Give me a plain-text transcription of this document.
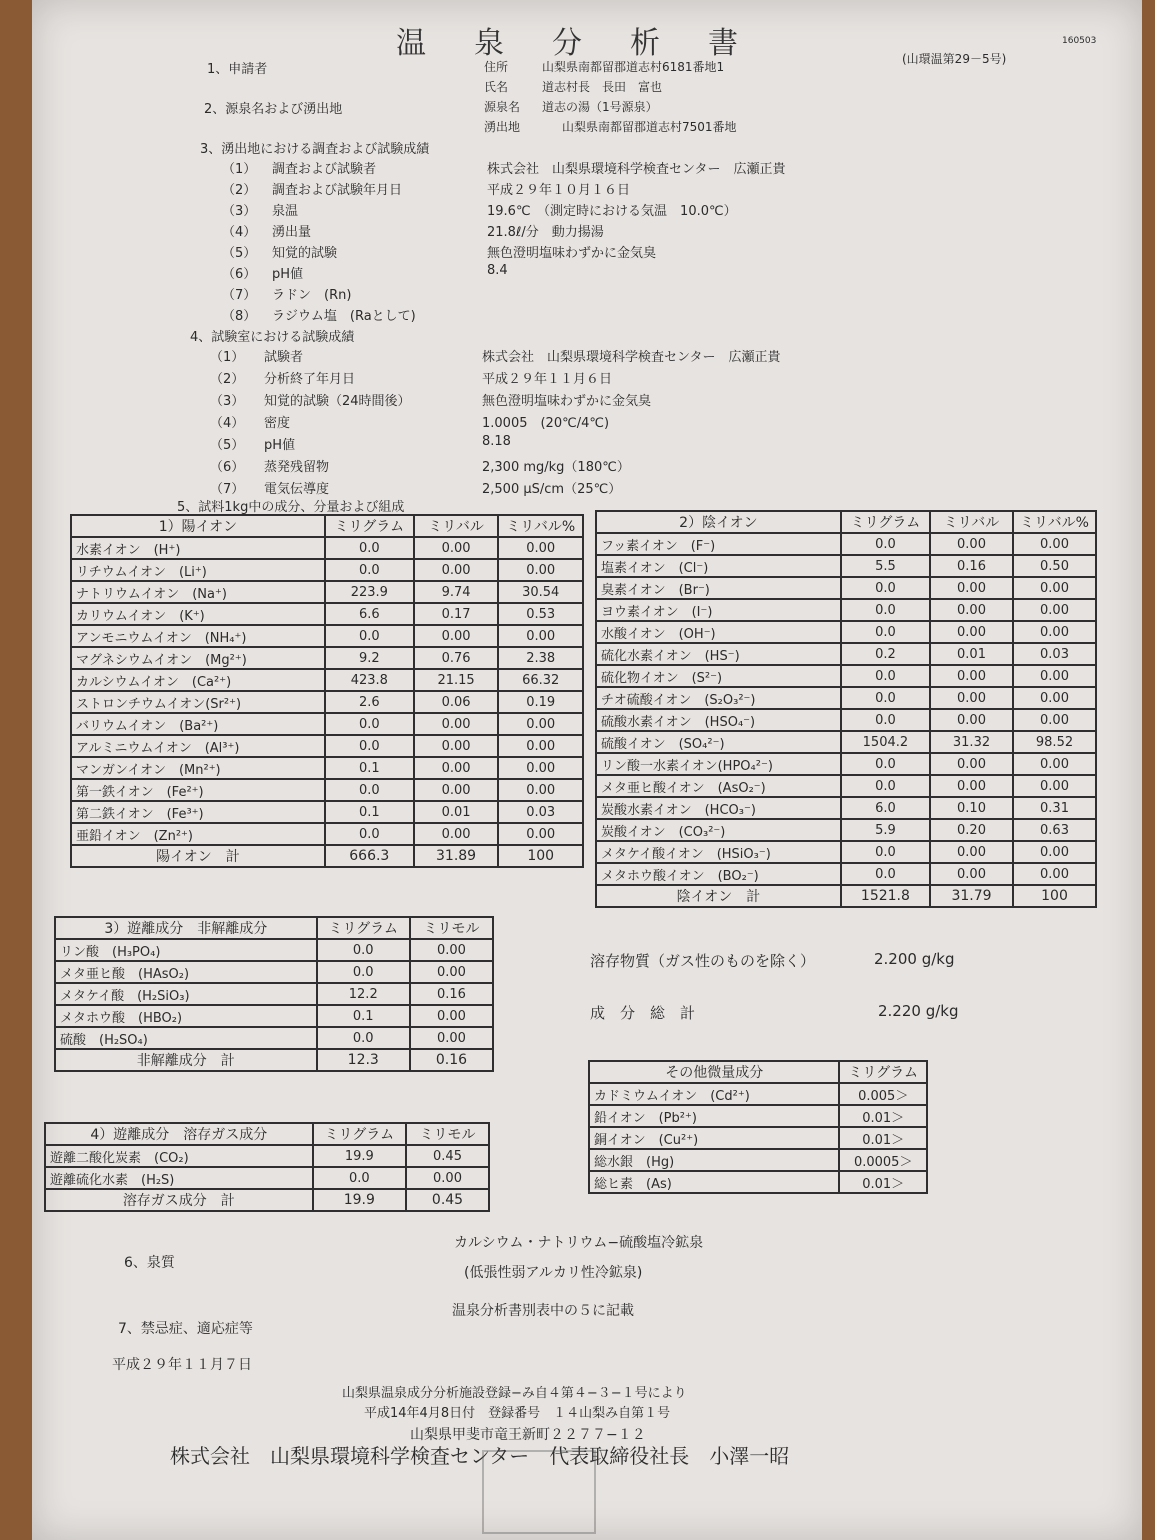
温泉分析書	(山環温第29－5号)
160503
1、申請者	住所	山梨県南都留郡道志村6181番地1
氏名	道志村長　長田　富也
2、源泉名および湧出地	源泉名 道志の湯（1号源泉）
湧出地	山梨県南都留郡道志村7501番地
3、湧出地における調査および試験成績
（1） 調査および試験者	株式会社　山梨県環境科学検査センター　広瀬正貴
（2） 調査および試験年月日	平成２９年１０月１６日
（3） 泉温	19.6℃　（測定時における気温　10.0℃）
（4） 湧出量	21.8ℓ/分　動力揚湯
（5） 知覚的試験	無色澄明塩味わずかに金気臭
（6） pH値	8.4
（7） ラドン　(Rn)
（8） ラジウム塩　(Raとして)
4、試験室における試験成績
（1） 試験者	株式会社　山梨県環境科学検査センター　広瀬正貴
（2） 分析終了年月日	平成２９年１１月６日
（3） 知覚的試験（24時間後）	無色澄明塩味わずかに金気臭
（4） 密度	1.0005　(20℃/4℃)
（5） pH値	8.18
（6） 蒸発残留物	2,300 mg/kg（180℃）
（7） 電気伝導度	2,500 μS/cm（25℃）
5、試料1kg中の成分、分量および組成
1）陽イオン	ミリグラム	ミリバル	ミリバル%
水素イオン　(H⁺)	0.0	0.00	0.00
リチウムイオン　(Li⁺)	0.0	0.00	0.00
ナトリウムイオン　(Na⁺)	223.9	9.74	30.54
カリウムイオン　(K⁺)	6.6	0.17	0.53
アンモニウムイオン　(NH₄⁺)	0.0	0.00	0.00
マグネシウムイオン　(Mg²⁺)	9.2	0.76	2.38
カルシウムイオン　(Ca²⁺)	423.8	21.15	66.32
ストロンチウムイオン(Sr²⁺)	2.6	0.06	0.19
バリウムイオン　(Ba²⁺)	0.0	0.00	0.00
アルミニウムイオン　(Al³⁺)	0.0	0.00	0.00
マンガンイオン　(Mn²⁺)	0.1	0.00	0.00
第一鉄イオン　(Fe²⁺)	0.0	0.00	0.00
第二鉄イオン　(Fe³⁺)	0.1	0.01	0.03
亜鉛イオン　(Zn²⁺)	0.0	0.00	0.00
陽イオン　計	666.3	31.89	100
2）陰イオン	ミリグラム	ミリバル	ミリバル%
フッ素イオン　(F⁻)	0.0	0.00	0.00
塩素イオン　(Cl⁻)	5.5	0.16	0.50
臭素イオン　(Br⁻)	0.0	0.00	0.00
ヨウ素イオン　(I⁻)	0.0	0.00	0.00
水酸イオン　(OH⁻)	0.0	0.00	0.00
硫化水素イオン　(HS⁻)	0.2	0.01	0.03
硫化物イオン　(S²⁻)	0.0	0.00	0.00
チオ硫酸イオン　(S₂O₃²⁻)	0.0	0.00	0.00
硫酸水素イオン　(HSO₄⁻)	0.0	0.00	0.00
硫酸イオン　(SO₄²⁻)	1504.2	31.32	98.52
リン酸一水素イオン(HPO₄²⁻)	0.0	0.00	0.00
メタ亜ヒ酸イオン　(AsO₂⁻)	0.0	0.00	0.00
炭酸水素イオン　(HCO₃⁻)	6.0	0.10	0.31
炭酸イオン　(CO₃²⁻)	5.9	0.20	0.63
メタケイ酸イオン　(HSiO₃⁻)	0.0	0.00	0.00
メタホウ酸イオン　(BO₂⁻)	0.0	0.00	0.00
陰イオン　計	1521.8	31.79	100
3）遊離成分　非解離成分	ミリグラム	ミリモル
リン酸　(H₃PO₄)	0.0	0.00
メタ亜ヒ酸　(HAsO₂)	0.0	0.00
メタケイ酸　(H₂SiO₃)	12.2	0.16
メタホウ酸　(HBO₂)	0.1	0.00
硫酸　(H₂SO₄)	0.0	0.00
非解離成分　計	12.3	0.16
4）遊離成分　溶存ガス成分	ミリグラム	ミリモル
遊離二酸化炭素　(CO₂)	19.9	0.45
遊離硫化水素　(H₂S)	0.0	0.00
溶存ガス成分　計	19.9	0.45
溶存物質（ガス性のものを除く）	2.200 g/kg
成　分　総　計	2.220 g/kg
その他微量成分	ミリグラム
カドミウムイオン　(Cd²⁺)	0.005＞
鉛イオン　(Pb²⁺)	0.01＞
銅イオン　(Cu²⁺)	0.01＞
総水銀　(Hg)	0.0005＞
総ヒ素　(As)	0.01＞
6、泉質
カルシウム・ナトリウム−硫酸塩冷鉱泉
(低張性弱アルカリ性冷鉱泉)
7、禁忌症、適応症等
温泉分析書別表中の５に記載
平成２９年１１月７日
山梨県温泉成分分析施設登録−み自４第４−３−１号により
平成14年4月8日付　登録番号　１４山梨み自第１号
山梨県甲斐市竜王新町２２７７−１２
株式会社　山梨県環境科学検査センター　代表取締役社長　小澤一昭
